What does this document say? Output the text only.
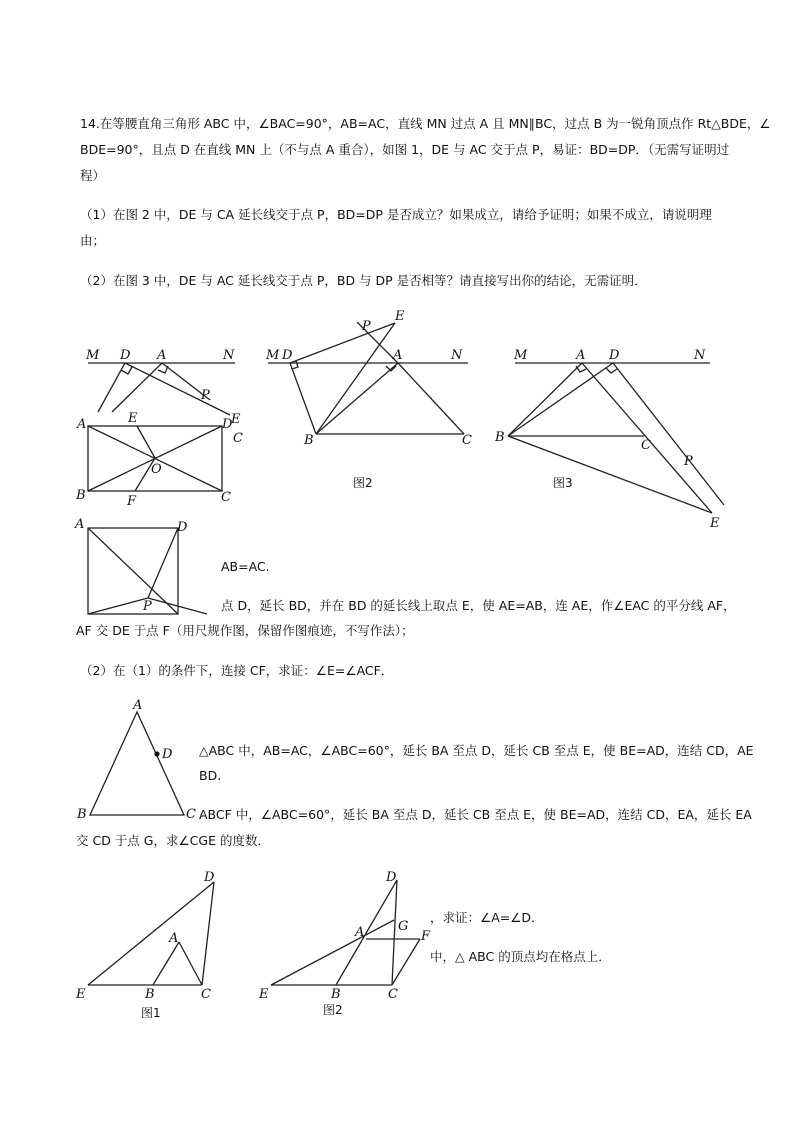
14.在等腰直角三角形 ABC 中，∠BAC=90°，AB=AC，直线 MN 过点 A 且 MN∥BC，过点 B 为一锐角顶点作 Rt△BDE，∠
BDE=90°，且点 D 在直线 MN 上（不与点 A 重合），如图 1，DE 与 AC 交于点 P，易证：BD=DP．（无需写证明过
程）
（1）在图 2 中，DE 与 CA 延长线交于点 P，BD=DP 是否成立？如果成立，请给予证明；如果不成立，请说明理
由；
（2）在图 3 中，DE 与 AC 延长线交于点 P，BD 与 DP 是否相等？请直接写出你的结论，无需证明．
M D A	N
P
E
A	E	D
C
O
B	F	C
M D
P
E
A	N
B	C
图2
M	A D	N
B
C
P
E
图3
A	D
P
AB=AC.
点 D，延长 BD，并在 BD 的延长线上取点 E，使 AE=AB，连 AE，作∠EAC 的平分线 AF，
AF 交 DE 于点 F（用尺规作图，保留作图痕迹，不写作法）；
（2）在（1）的条件下，连接 CF，求证：∠E=∠ACF．
A
D
B	C
△ABC 中，AB=AC，∠ABC=60°，延长 BA 至点 D，延长 CB 至点 E，使 BE=AD，连结 CD，AE
BD.
ABCF 中，∠ABC=60°，延长 BA 至点 D，延长 CB 至点 E，使 BE=AD，连结 CD，EA，延长 EA
交 CD 于点 G，求∠CGE 的度数．
D
A
E	B	C
图1
D
G
A	F
E	B	C
图2
，求证：∠A=∠D．
中，△ ABC 的顶点均在格点上．
